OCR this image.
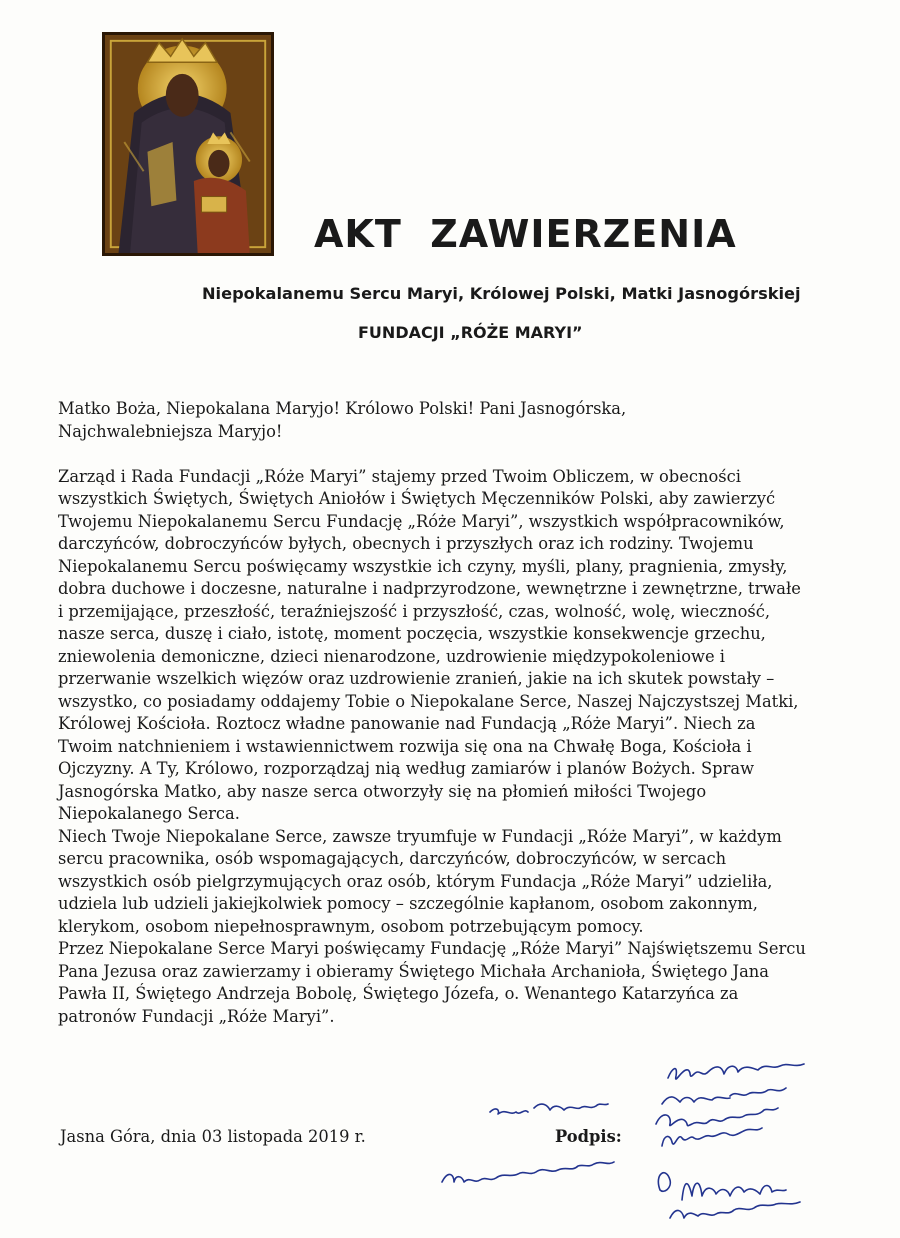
AKT  ZAWIERZENIA
Niepokalanemu Sercu Maryi, Królowej Polski, Matki Jasnogórskiej
FUNDACJI „RÓŻE MARYI”
Matko Boża, Niepokalana Maryjo! Królowo Polski! Pani Jasnogórska,
Najchwalebniejsza Maryjo!
Zarząd i Rada Fundacji „Róże Maryi” stajemy przed Twoim Obliczem, w obecności
wszystkich Świętych, Świętych Aniołów i Świętych Męczenników Polski, aby zawierzyć
Twojemu Niepokalanemu Sercu Fundację „Róże Maryi”, wszystkich współpracowników,
darczyńców, dobroczyńców byłych, obecnych i przyszłych oraz ich rodziny. Twojemu
Niepokalanemu Sercu poświęcamy wszystkie ich czyny, myśli, plany, pragnienia, zmysły,
dobra duchowe i doczesne, naturalne i nadprzyrodzone, wewnętrzne i zewnętrzne, trwałe
i przemijające, przeszłość, teraźniejszość i przyszłość, czas, wolność, wolę, wieczność,
nasze serca, duszę i ciało, istotę, moment poczęcia, wszystkie konsekwencje grzechu,
zniewolenia demoniczne, dzieci nienarodzone, uzdrowienie międzypokoleniowe i
przerwanie wszelkich więzów oraz uzdrowienie zranień, jakie na ich skutek powstały –
wszystko, co posiadamy oddajemy Tobie o Niepokalane Serce, Naszej Najczystszej Matki,
Królowej Kościoła. Roztocz władne panowanie nad Fundacją „Róże Maryi”. Niech za
Twoim natchnieniem i wstawiennictwem rozwija się ona na Chwałę Boga, Kościoła i
Ojczyzny. A Ty, Królowo, rozporządzaj nią według zamiarów i planów Bożych. Spraw
Jasnogórska Matko, aby nasze serca otworzyły się na płomień miłości Twojego
Niepokalanego Serca.
Niech Twoje Niepokalane Serce, zawsze tryumfuje w Fundacji „Róże Maryi”, w każdym
sercu pracownika, osób wspomagających, darczyńców, dobroczyńców, w sercach
wszystkich osób pielgrzymujących oraz osób, którym Fundacja „Róże Maryi” udzieliła,
udziela lub udzieli jakiejkolwiek pomocy – szczególnie kapłanom, osobom zakonnym,
klerykom, osobom niepełnosprawnym, osobom potrzebującym pomocy.
Przez Niepokalane Serce Maryi poświęcamy Fundację „Róże Maryi” Najświętszemu Sercu
Pana Jezusa oraz zawierzamy i obieramy Świętego Michała Archanioła, Świętego Jana
Pawła II, Świętego Andrzeja Bobolę, Świętego Józefa, o. Wenantego Katarzyńca za
patronów Fundacji „Róże Maryi”.

Jasna Góra, dnia 03 listopada 2019 r.	Podpis:
